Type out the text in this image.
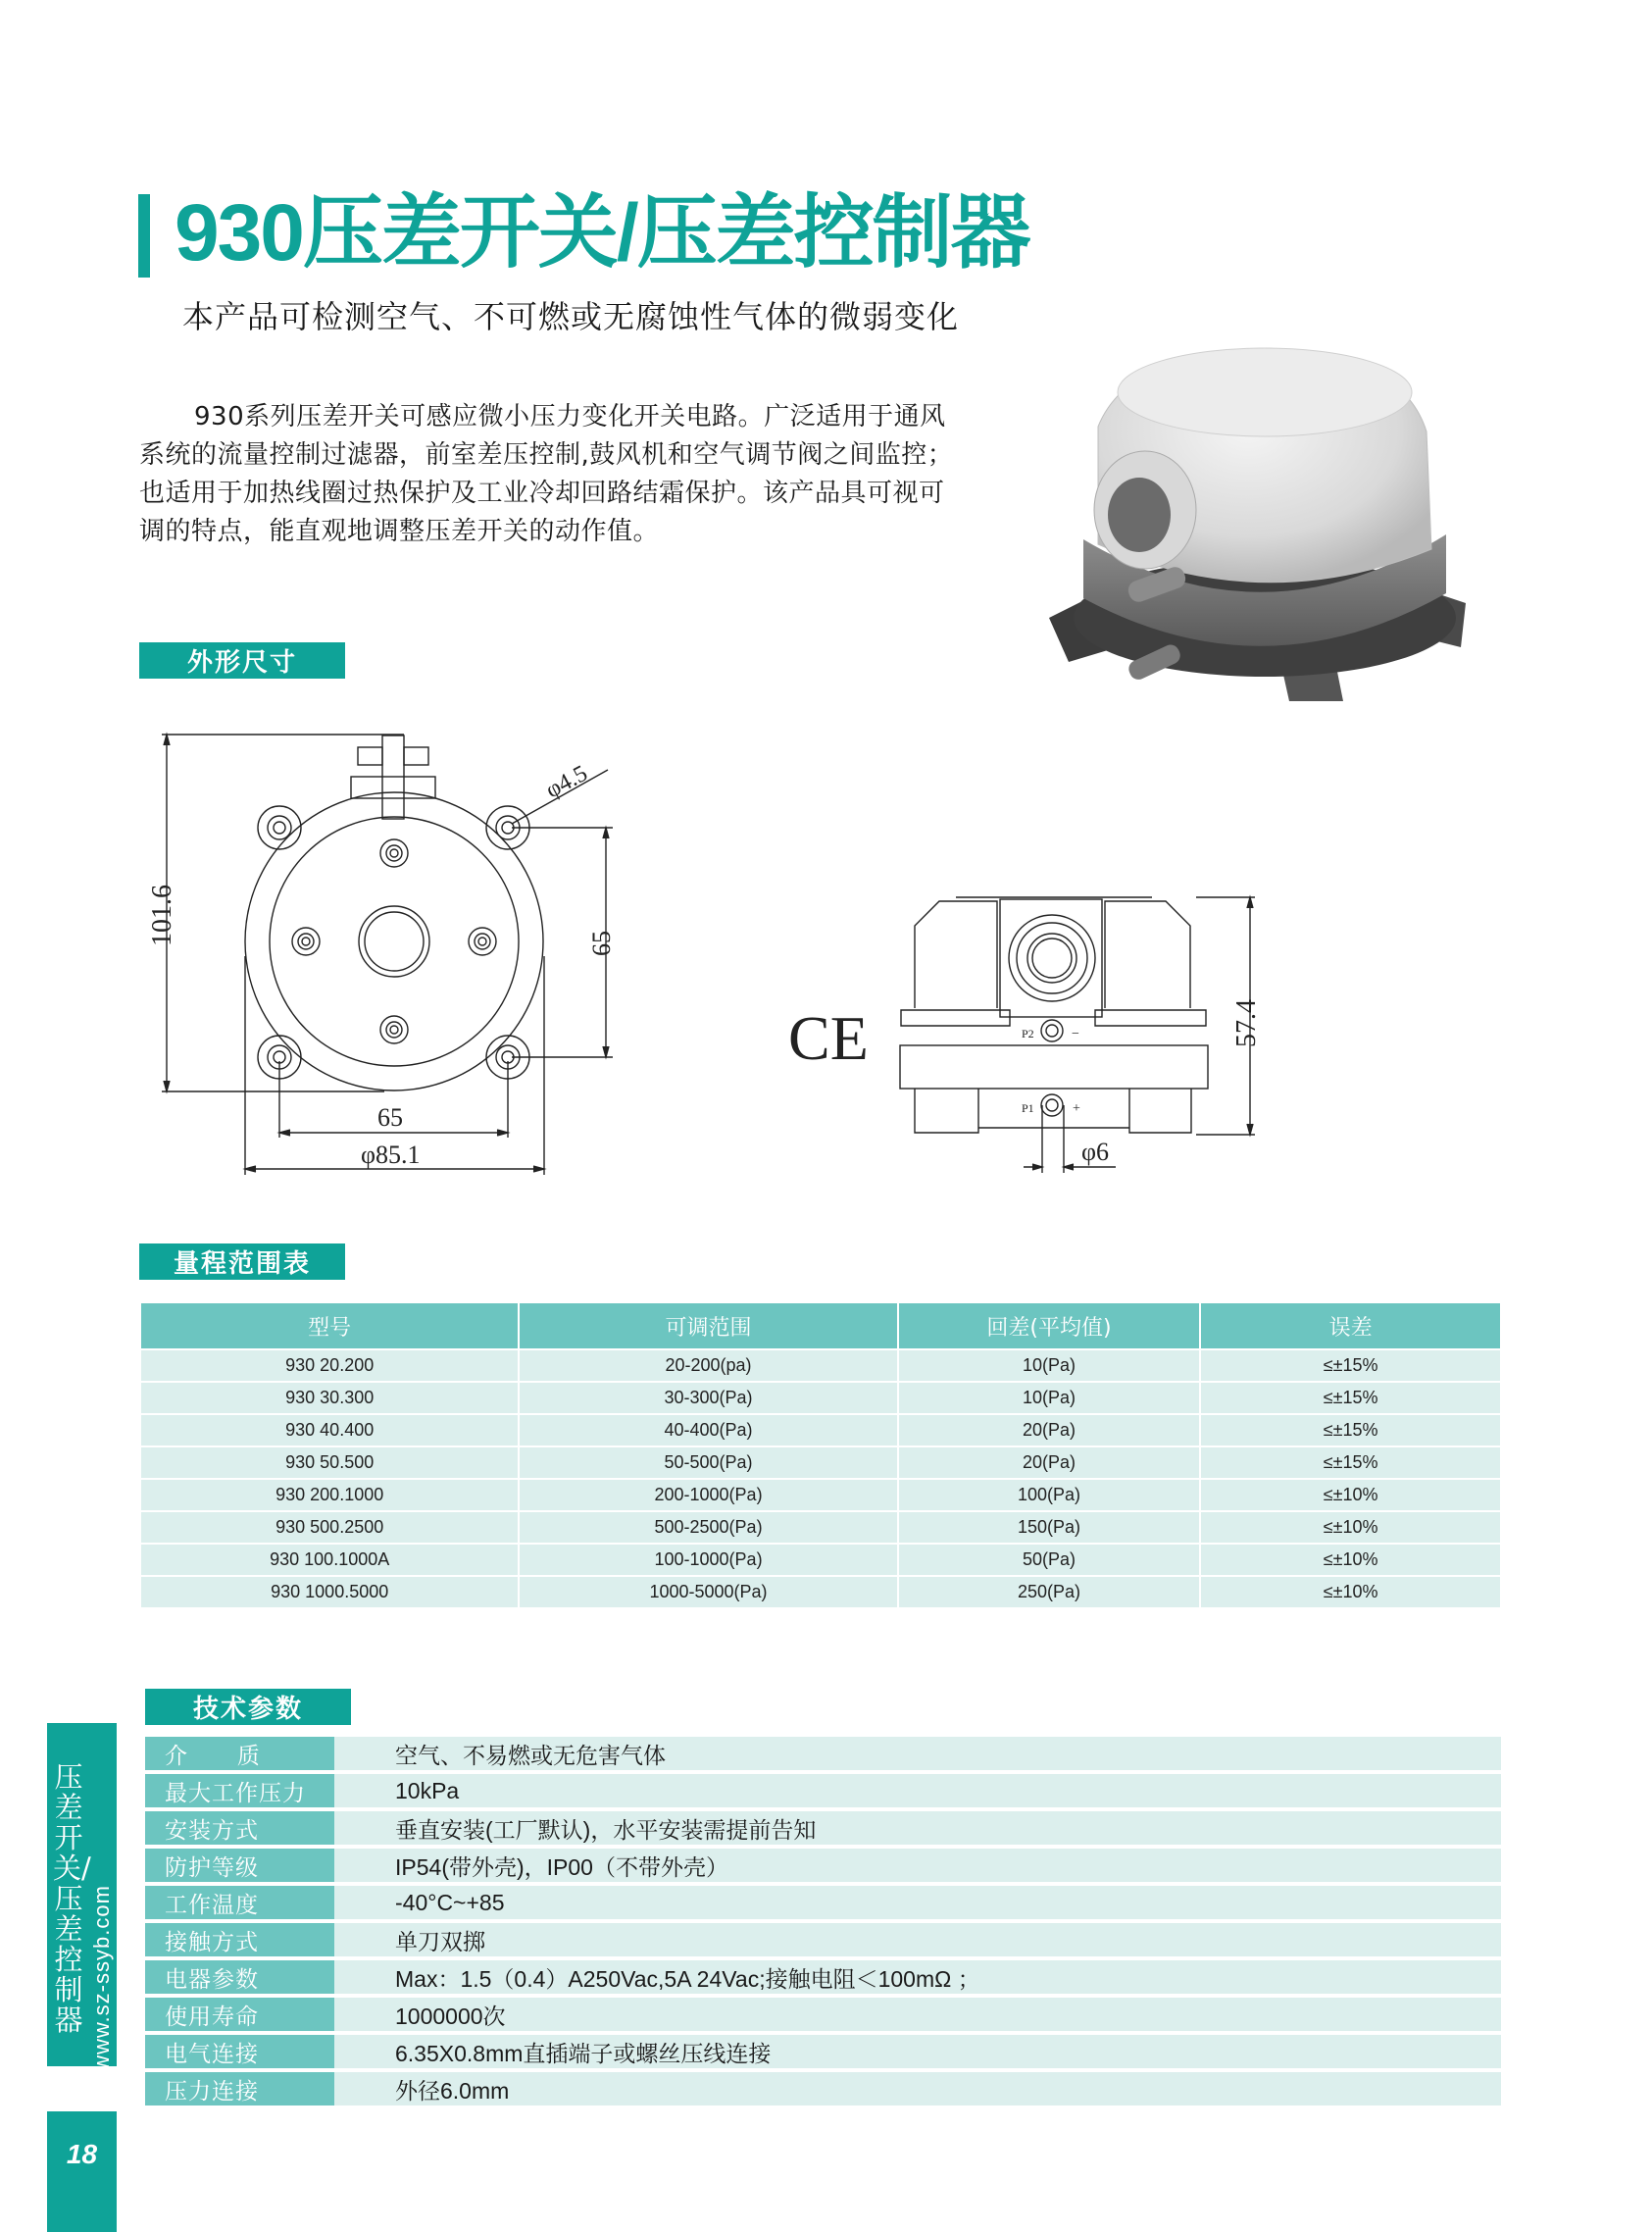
930压差开关/压差控制器
本产品可检测空气、不可燃或无腐蚀性气体的微弱变化

930系列压差开关可感应微小压力变化开关电路。广泛适用于通风系统的流量控制过滤器，前室差压控制,鼓风机和空气调节阀之间监控；也适用于加热线圈过热保护及工业冷却回路结霜保护。该产品具可视可调的特点，能直观地调整压差开关的动作值。

外形尺寸
101.6
φ4.5
65
65
φ85.1
CE	P2	−
P1	+
57.4
φ6
量程范围表
型号	可调范围	回差(平均值)	误差
930 20.200	20-200(pa)	10(Pa)	≤±15%
930 30.300	30-300(Pa)	10(Pa)	≤±15%
930 40.400	40-400(Pa)	20(Pa)	≤±15%
930 50.500	50-500(Pa)	20(Pa)	≤±15%
930 200.1000	200-1000(Pa)	100(Pa)	≤±10%
930 500.2500	500-2500(Pa)	150(Pa)	≤±10%
930 100.1000A	100-1000(Pa)	50(Pa)	≤±10%
930 1000.5000	1000-5000(Pa)	250(Pa)	≤±10%
技术参数
介      质	空气、不易燃或无危害气体
最大工作压力	10kPa
安装方式	垂直安装(工厂默认)，水平安装需提前告知
防护等级	IP54(带外壳)，IP00（不带外壳）
工作温度	-40°C~+85
接触方式	单刀双掷
电器参数	Max：1.5（0.4）A250Vac,5A 24Vac;接触电阻＜100mΩ ；
使用寿命	1000000次
电气连接	6.35X0.8mm直插端子或螺丝压线连接
压力连接	外径6.0mm
压差开关/压差控制器 www.sz-ssyb.com
18
